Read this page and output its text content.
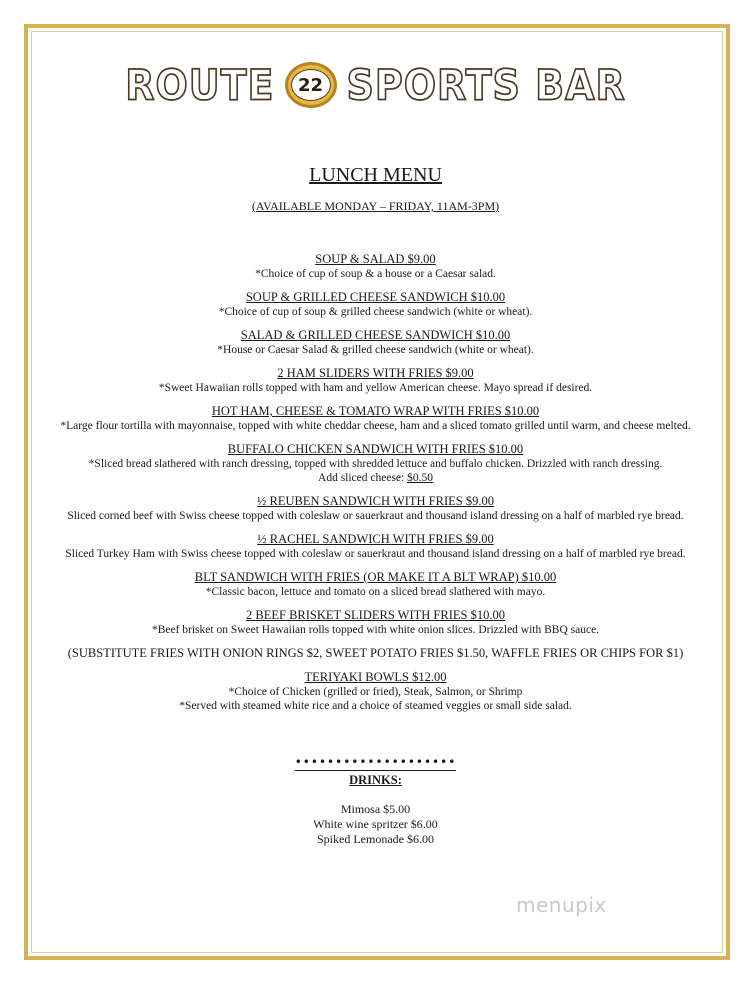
ROUTE	22 SPORTS BAR
LUNCH MENU
(AVAILABLE MONDAY – FRIDAY, 11AM-3PM)
SOUP & SALAD $9.00
*Choice of cup of soup & a house or a Caesar salad.
SOUP & GRILLED CHEESE SANDWICH $10.00
*Choice of cup of soup & grilled cheese sandwich (white or wheat).
SALAD & GRILLED CHEESE SANDWICH $10.00
*House or Caesar Salad & grilled cheese sandwich (white or wheat).
2 HAM SLIDERS WITH FRIES $9.00
*Sweet Hawaiian rolls topped with ham and yellow American cheese. Mayo spread if desired.
HOT HAM, CHEESE & TOMATO WRAP WITH FRIES $10.00
*Large flour tortilla with mayonnaise, topped with white cheddar cheese, ham and a sliced tomato grilled until warm, and cheese melted.
BUFFALO CHICKEN SANDWICH WITH FRIES $10.00
*Sliced bread slathered with ranch dressing, topped with shredded lettuce and buffalo chicken. Drizzled with ranch dressing.
Add sliced cheese: $0.50
½ REUBEN SANDWICH WITH FRIES $9.00
Sliced corned beef with Swiss cheese topped with coleslaw or sauerkraut and thousand island dressing on a half of marbled rye bread.
½ RACHEL SANDWICH WITH FRIES $9.00
Sliced Turkey Ham with Swiss cheese topped with coleslaw or sauerkraut and thousand island dressing on a half of marbled rye bread.
BLT SANDWICH WITH FRIES (OR MAKE IT A BLT WRAP) $10.00
*Classic bacon, lettuce and tomato on a sliced bread slathered with mayo.
2 BEEF BRISKET SLIDERS WITH FRIES $10.00
*Beef brisket on Sweet Hawaiian rolls topped with white onion slices. Drizzled with BBQ sauce.
(SUBSTITUTE FRIES WITH ONION RINGS $2, SWEET POTATO FRIES $1.50, WAFFLE FRIES OR CHIPS FOR $1)
TERIYAKI BOWLS $12.00
*Choice of Chicken (grilled or fried), Steak, Salmon, or Shrimp
*Served with steamed white rice and a choice of steamed veggies or small side salad.
••••••••••••••••••••
DRINKS:
Mimosa $5.00
White wine spritzer $6.00
Spiked Lemonade $6.00
menupix
